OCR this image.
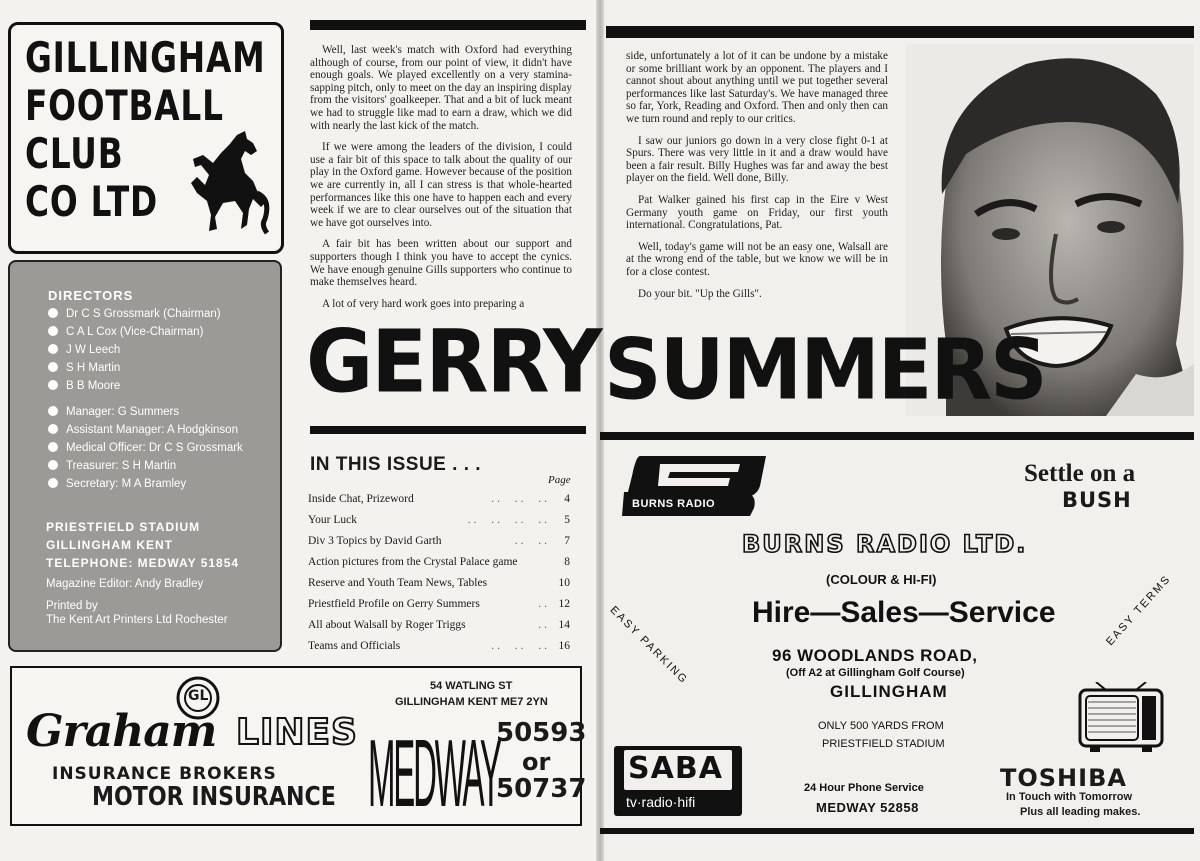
GILLINGHAM
FOOTBALL
CLUB
CO LTD
DIRECTORS
Dr C S Grossmark (Chairman)
C A L Cox (Vice-Chairman)
J W Leech
S H Martin
B B Moore
Manager: G Summers
Assistant Manager: A Hodgkinson
Medical Officer: Dr C S Grossmark
Treasurer: S H Martin
Secretary: M A Bramley
PRIESTFIELD STADIUM
GILLINGHAM KENT
TELEPHONE: MEDWAY 51854
Magazine Editor: Andy Bradley
Printed by
The Kent Art Printers Ltd Rochester

Well, last week's match with Oxford had everything although of course, from our point of view, it didn't have enough goals. We played excellently on a very stamina-sapping pitch, only to meet on the day an inspiring display from the visitors' goalkeeper. That and a bit of luck meant we had to struggle like mad to earn a draw, which we did with nearly the last kick of the match.

If we were among the leaders of the division, I could use a fair bit of this space to talk about the quality of our play in the Oxford game. However because of the position we are currently in, all I can stress is that whole-hearted performances like this one have to happen each and every week if we are to clear ourselves out of the situation that we have got ourselves into.

A fair bit has been written about our support and supporters though I think you have to accept the cynics. We have enough genuine Gills supporters who continue to make themselves heard.

A lot of very hard work goes into preparing a

GERRY
IN THIS ISSUE . . .
Page
Inside Chat, Prizeword	..  ..  .. 4
Your Luck	..  ..  ..  .. 5
Div 3 Topics by David Garth	..  .. 7
Action pictures from the Crystal Palace game	8
Reserve and Youth Team News, Tables	10
Priestfield Profile on Gerry Summers	.. 12
All about Walsall by Roger Triggs	.. 14
Teams and Officials	..  ..  .. 16
GL
Graham LINES
INSURANCE BROKERS
MOTOR INSURANCE
54 WATLING ST
GILLINGHAM KENT ME7 2YN
MEDWAY
50593
or
50737

side, unfortunately a lot of it can be undone by a mistake or some brilliant work by an opponent. The players and I cannot shout about anything until we put together several performances like last Saturday's. We have managed three so far, York, Reading and Oxford. Then and only then can we turn round and reply to our critics.

I saw our juniors go down in a very close fight 0-1 at Spurs. There was very little in it and a draw would have been a fair result. Billy Hughes was far and away the best player on the field. Well done, Billy.

Pat Walker gained his first cap in the Eire v West Germany youth game on Friday, our first youth international. Congratulations, Pat.

Well, today's game will not be an easy one, Walsall are at the wrong end of the table, but we know we will be in for a close contest.

Do your bit. "Up the Gills".

SUMMERS
BURNS RADIO
Settle on a
BUSH
BURNS RADIO LTD.
(COLOUR & HI-FI)
Hire—Sales—Service
96 WOODLANDS ROAD,
(Off A2 at Gillingham Golf Course)
GILLINGHAM
ONLY 500 YARDS FROM
PRIESTFIELD STADIUM
EASY PARKING	EASY TERMS
SABA
tv·radio·hifi
24 Hour Phone Service
MEDWAY 52858
TOSHIBA
In Touch with Tomorrow
Plus all leading makes.
